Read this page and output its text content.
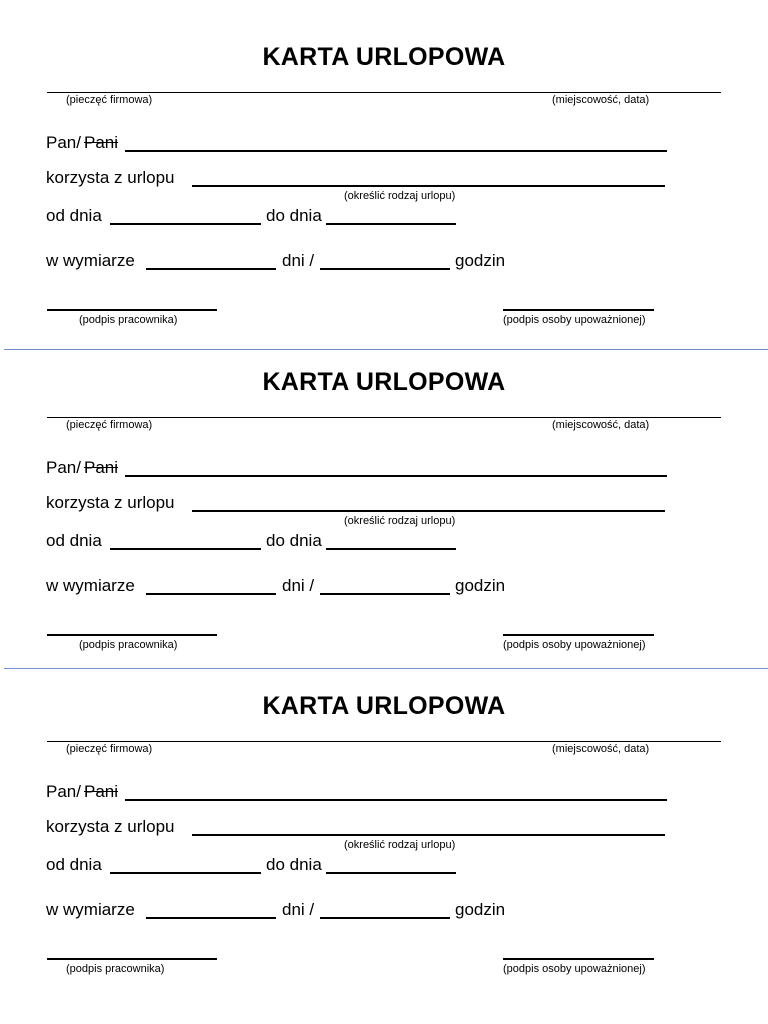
KARTA URLOPOWA
(pieczęć firmowa)	(miejscowość, data)
Pan/ Pani
korzysta z urlopu
(określić rodzaj urlopu)
od dnia	do dnia
w wymiarze	dni /	godzin
(podpis pracownika)	(podpis osoby upoważnionej)
KARTA URLOPOWA
(pieczęć firmowa)	(miejscowość, data)
Pan/ Pani
korzysta z urlopu
(określić rodzaj urlopu)
od dnia	do dnia
w wymiarze	dni /	godzin
(podpis pracownika)	(podpis osoby upoważnionej)
KARTA URLOPOWA
(pieczęć firmowa)	(miejscowość, data)
Pan/ Pani
korzysta z urlopu
(określić rodzaj urlopu)
od dnia	do dnia
w wymiarze	dni /	godzin
(podpis pracownika)	(podpis osoby upoważnionej)
